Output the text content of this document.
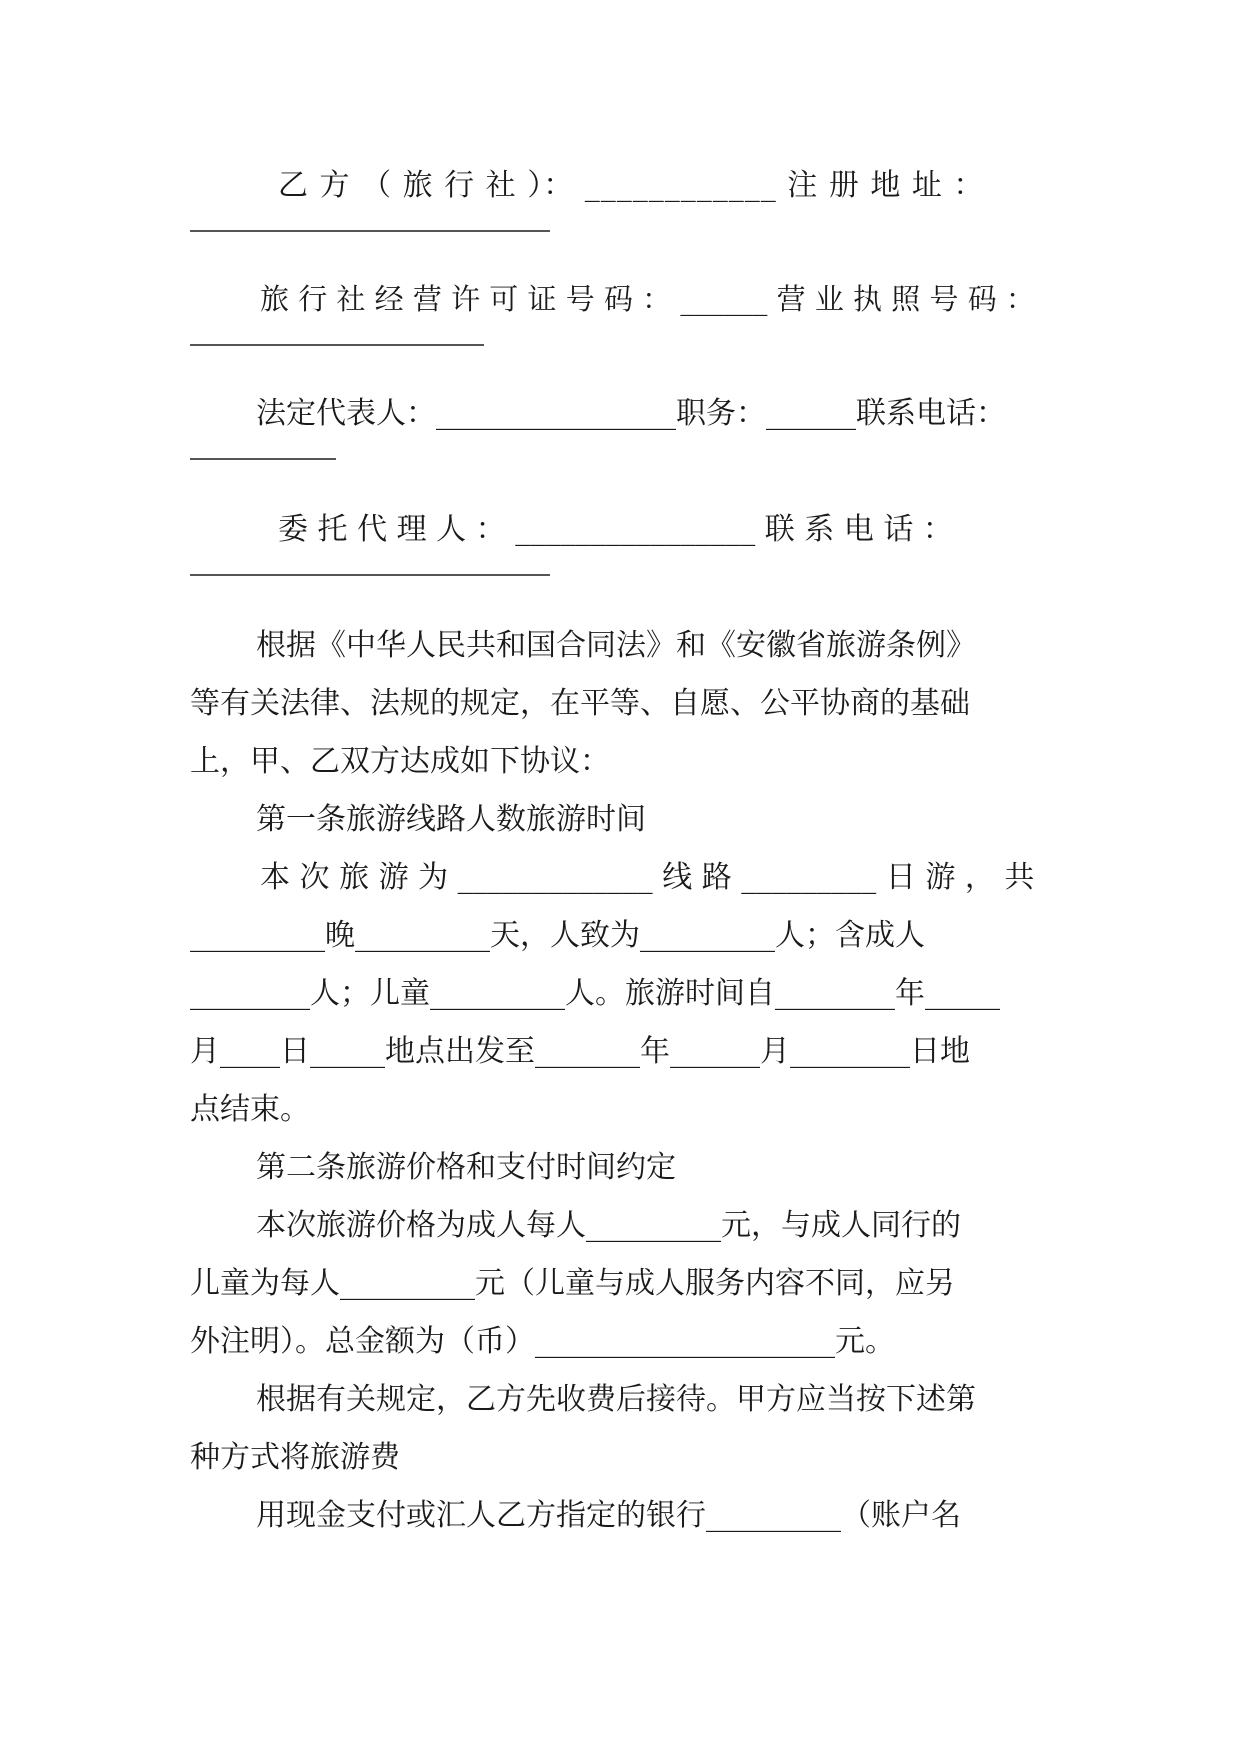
乙 方 （ 旅 行 社 ）： ____________ 注 册 地 址 ：
旅 行 社 经 营 许 可 证 号 码 ： ______ 营 业 执 照 号 码 ：
法定代表人：________________职务：______联系电话：
委 托 代 理 人 ： ________________ 联 系 电 话 ：
根据《中华人民共和国合同法》和《安徽省旅游条例》
等有关法律、法规的规定，在平等、自愿、公平协商的基础
上，甲、乙双方达成如下协议：
第一条旅游线路人数旅游时间
本 次 旅 游 为 _____________ 线 路 _________ 日 游 ， 共
_________晚_________天，人致为_________人；含成人
________人；儿童_________人。旅游时间自________年_____
月____日_____地点出发至_______年______月________日地
点结束。
第二条旅游价格和支付时间约定
本次旅游价格为成人每人_________元，与成人同行的
儿童为每人_________元（儿童与成人服务内容不同，应另
外注明）。总金额为（币）____________________元。
根据有关规定，乙方先收费后接待。甲方应当按下述第
种方式将旅游费
用现金支付或汇人乙方指定的银行_________（账户名
